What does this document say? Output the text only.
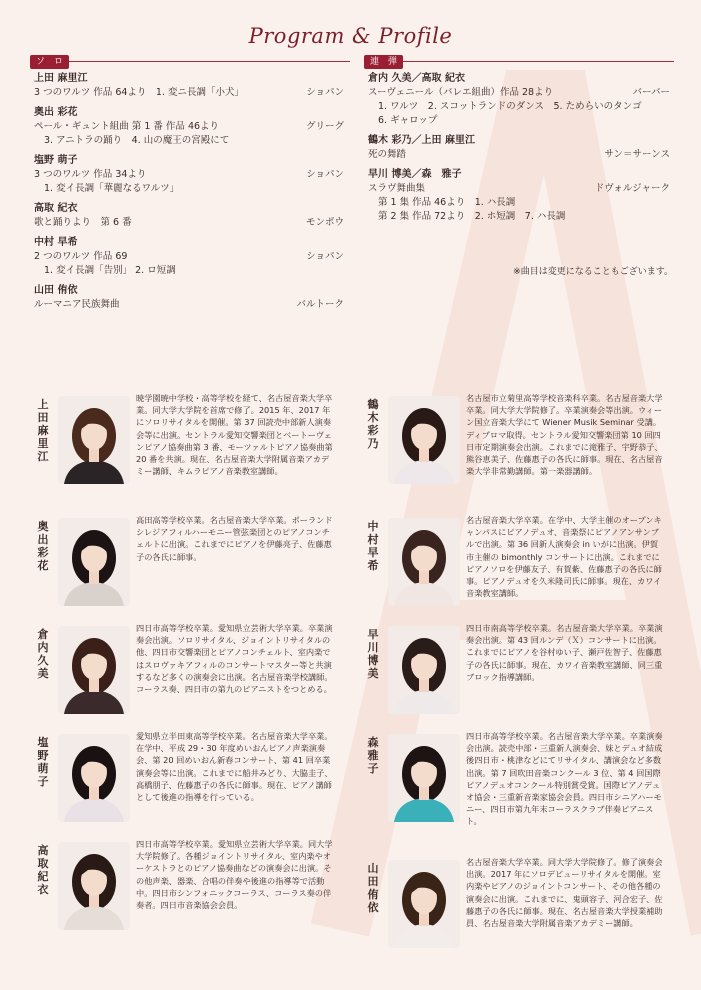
Program & Profile
ソ　ロ
上田 麻里江
3 つのワルツ 作品 64より　1. 変ニ長調「小犬」	ショパン
奥出 彩花
ペール・ギュント組曲 第 1 番 作品 46より	グリーグ
3. アニトラの踊り　4. 山の魔王の宮殿にて
塩野 萌子
3 つのワルツ 作品 34より	ショパン
1. 変イ長調「華麗なるワルツ」
高取 紀衣
歌と踊りより　第 6 番	モンポウ
中村 早希
2 つのワルツ 作品 69	ショパン
1. 変イ長調「告別」 2. ロ短調
山田 侑依
ルーマニア民族舞曲	バルトーク
連　弾
倉内 久美／高取 紀衣
スーヴェニール（バレエ組曲）作品 28より	バーバー
1. ワルツ　2. スコットランドのダンス　5. ためらいのタンゴ
6. ギャロップ
鶴木 彩乃／上田 麻里江
死の舞踏	サン＝サーンス
早川 博美／森　雅子
スラヴ舞曲集	ドヴォルジャーク
第 1 集 作品 46より　1. ハ長調
第 2 集 作品 72より　2. ホ短調　7. ハ長調
※曲目は変更になることもございます。
上田麻里江
暁学園暁中学校・高等学校を経て、名古屋音楽大学卒業。同大学大学院を首席で修了。2015 年、2017 年にソロリサイタルを開催。第 37 回読売中部新人演奏会等に出演。セントラル愛知交響楽団とベートーヴェンピアノ協奏曲第 3 番、モーツァルトピアノ協奏曲第 20 番を共演。現在、名古屋音楽大学附属音楽アカデミー講師、キムラピアノ音楽教室講師。
奥出彩花
高田高等学校卒業。名古屋音楽大学卒業。ポーランドシレジアフィルハーモニー管弦楽団とのピアノコンチェルトに出演。これまでにピアノを伊藤亮子、佐藤惠子の各氏に師事。
倉内久美
四日市高等学校卒業。愛知県立芸術大学卒業。卒業演奏会出演。ソロリサイタル、ジョイントリサイタルの他、四日市交響楽団とピアノコンチェルト、室内楽ではスロヴァキアフィルのコンサートマスター等と共演するなど多くの演奏会に出演。名古屋音楽学校講師。コーラス奏、四日市の第九のピアニストをつとめる。
塩野萌子
愛知県立半田東高等学校卒業。名古屋音楽大学卒業。在学中、平成 29・30 年度めいおんピアノ声楽演奏会、第 20 回めいおん新春コンサート、第 41 回卒業演奏会等に出演。これまでに船井みどり、大脇圭子、高橋朋子、佐藤惠子の各氏に師事。現在、ピアノ講師として後進の指導を行っている。
高取紀衣
四日市高等学校卒業。愛知県立芸術大学卒業。同大学大学院修了。各種ジョイントリサイタル、室内楽やオーケストラとのピアノ協奏曲などの演奏会に出演。その他声楽、器楽、合唱の伴奏や後進の指導等で活動中。四日市シンフォニックコーラス、コーラス奏の伴奏者。四日市音楽協会会員。
鶴木彩乃
名古屋市立菊里高等学校音楽科卒業。名古屋音楽大学卒業。同大学大学院修了。卒業演奏会等出演。ウィーン国立音楽大学にて Wiener Musik Seminar 受講。ディプロマ取得。セントラル愛知交響楽団第 10 回四日市定期演奏会出演。これまでに滝雅子、宇野恭子、熊谷恵美子、佐藤惠子の各氏に師事。現在、名古屋音楽大学非常勤講師。第一楽器講師。
中村早希
名古屋音楽大学卒業。在学中、大学主催のオープンキャンパスにピアノデュオ、音楽祭にピアノアンサンブルで出演。第 36 回新人演奏会 in いがに出演。伊賀市主催の bimonthly コンサートに出演。これまでにピアノソロを伊藤友子、有賀紫、佐藤惠子の各氏に師事。ピアノデュオを久米隆司氏に師事。現在、カワイ音楽教室講師。
早川博美
四日市南高等学校卒業。名古屋音楽大学卒業。卒業演奏会出演。第 43 回ルンデ（Ｘ）コンサートに出演。これまでにピアノを谷村ゆい子、瀬戸佐智子、佐藤惠子の各氏に師事。現在、カワイ音楽教室講師、同三重ブロック指導講師。
森雅子
四日市高等学校卒業。名古屋音楽大学卒業。卒業演奏会出演。読売中部・三重新人演奏会、妹とデュオ結成後四日市・桃津などにてリサイタル、講演会など多数出演。第 7 回吹田音楽コンクール 3 位、第 4 回国際ピアノデュオコンクール特別賞受賞。国際ピアノデュオ協会・三重新音楽家協会会員。四日市シニアハーモニー、四日市第九年末コーラスクラブ伴奏ピアニスト。
山田侑依
名古屋音楽大学卒業。同大学大学院修了。修了演奏会出演。2017 年にソロデビューリサイタルを開催。室内楽やピアノのジョイントコンサート、その他各種の演奏会に出演。これまでに、鬼頭容子、河合宏子、佐藤惠子の各氏に師事。現在、名古屋音楽大学授業補助員、名古屋音楽大学附属音楽アカデミー講師。
